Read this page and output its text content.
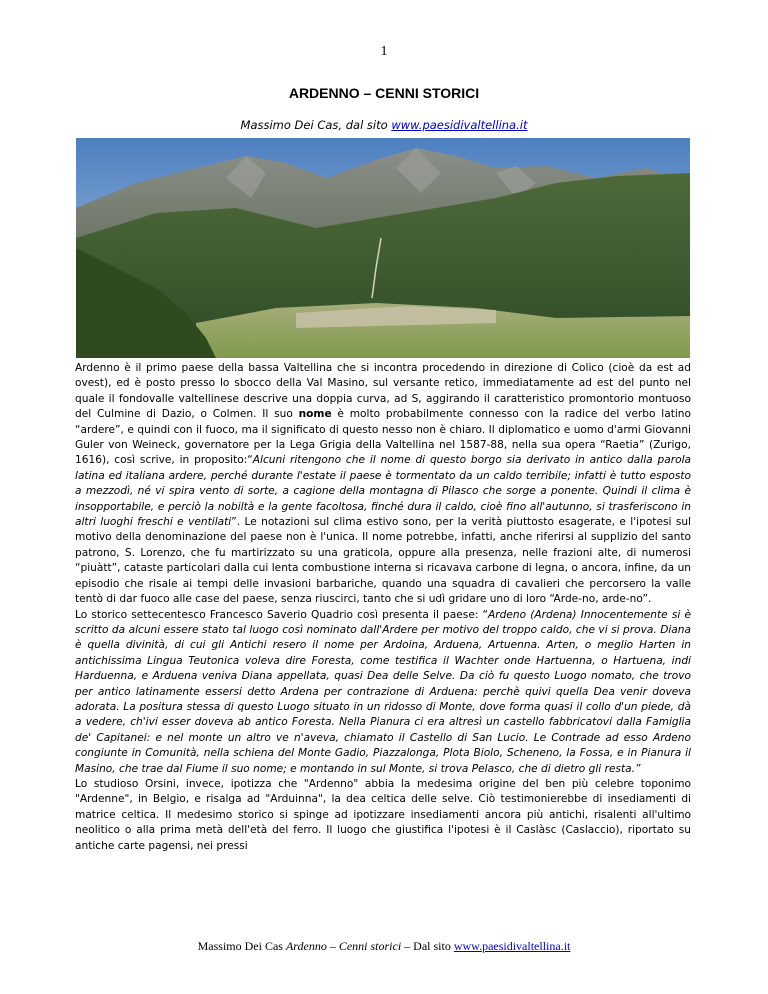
1
ARDENNO – CENNI STORICI
Massimo Dei Cas, dal sito www.paesidivaltellina.it

Ardenno è il primo paese della bassa Valtellina che si incontra procedendo in direzione di Colico (cioè da est ad ovest), ed è posto presso lo sbocco della Val Masino, sul versante retico, immediatamente ad est del punto nel quale il fondovalle valtellinese descrive una doppia curva, ad S, aggirando il caratteristico promontorio montuoso del Culmine di Dazio, o Colmen. Il suo nome è molto probabilmente connesso con la radice del verbo latino “ardere”, e quindi con il fuoco, ma il significato di questo nesso non è chiaro. Il diplomatico e uomo d'armi Giovanni Guler von Weineck, governatore per la Lega Grigia della Valtellina nel 1587-88, nella sua opera “Raetia” (Zurigo, 1616), così scrive, in proposito:“Alcuni ritengono che il nome di questo borgo sia derivato in antico dalla parola latina ed italiana ardere, perché durante l'estate il paese è tormentato da un caldo terribile; infatti è tutto esposto a mezzodì, né vi spira vento di sorte, a cagione della montagna di Pilasco che sorge a ponente. Quindi il clima è insopportabile, e perciò la nobiltà e la gente facoltosa, finché dura il caldo, cioè fino all'autunno, si trasferiscono in altri luoghi freschi e ventilati”. Le notazioni sul clima estivo sono, per la verità piuttosto esagerate, e l'ipotesi sul motivo della denominazione del paese non è l'unica. Il nome potrebbe, infatti, anche riferirsi al supplizio del santo patrono, S. Lorenzo, che fu martirizzato su una graticola, oppure alla presenza, nelle frazioni alte, di numerosi “piuàtt”, cataste particolari dalla cui lenta combustione interna si ricavava carbone di legna, o ancora, infine, da un episodio che risale ai tempi delle invasioni barbariche, quando una squadra di cavalieri che percorsero la valle tentò di dar fuoco alle case del paese, senza riuscirci, tanto che si udì gridare uno di loro “Arde-no, arde-no”.

Lo storico settecentesco Francesco Saverio Quadrio così presenta il paese: “Ardeno (Ardena) Innocentemente si è scritto da alcuni essere stato tal luogo così nominato dall'Ardere per motivo del troppo caldo, che vi si prova. Diana è quella divinità, di cui gli Antichi resero il nome per Ardoina, Arduena, Artuenna. Arten, o meglio Harten in antichissima Lingua Teutonica voleva dire Foresta, come testifica il Wachter onde Hartuenna, o Hartuena, indi Harduenna, e Arduena veniva Diana appellata, quasi Dea delle Selve. Da ciò fu questo Luogo nomato, che trovo per antico latinamente essersi detto Ardena per contrazione di Arduena: perchè quivi quella Dea venir doveva adorata. La positura stessa di questo Luogo situato in un ridosso di Monte, dove forma quasi il collo d'un piede, dà a vedere, ch'ivi esser doveva ab antico Foresta. Nella Pianura ci era altresì un castello fabbricatovi dalla Famiglia de' Capitanei: e nel monte un altro ve n'aveva, chiamato il Castello di San Lucio. Le Contrade ad esso Ardeno congiunte in Comunità, nella schiena del Monte Gadio, Piazzalonga, Plota Biolo, Scheneno, la Fossa, e in Pianura il Masino, che trae dal Fiume il suo nome; e montando in sul Monte, si trova Pelasco, che di dietro gli resta.”

Lo studioso Orsini, invece, ipotizza che "Ardenno" abbia la medesima origine del ben più celebre toponimo "Ardenne", in Belgio, e risalga ad "Arduinna", la dea celtica delle selve. Ciò testimonierebbe di insediamenti di matrice celtica. Il medesimo storico si spinge ad ipotizzare insediamenti ancora più antichi, risalenti all'ultimo neolitico o alla prima metà dell'età del ferro. Il luogo che giustifica l'ipotesi è il Caslàsc (Caslaccio), riportato su antiche carte pagensi, nei pressi

Massimo Dei Cas Ardenno – Cenni storici – Dal sito www.paesidivaltellina.it
